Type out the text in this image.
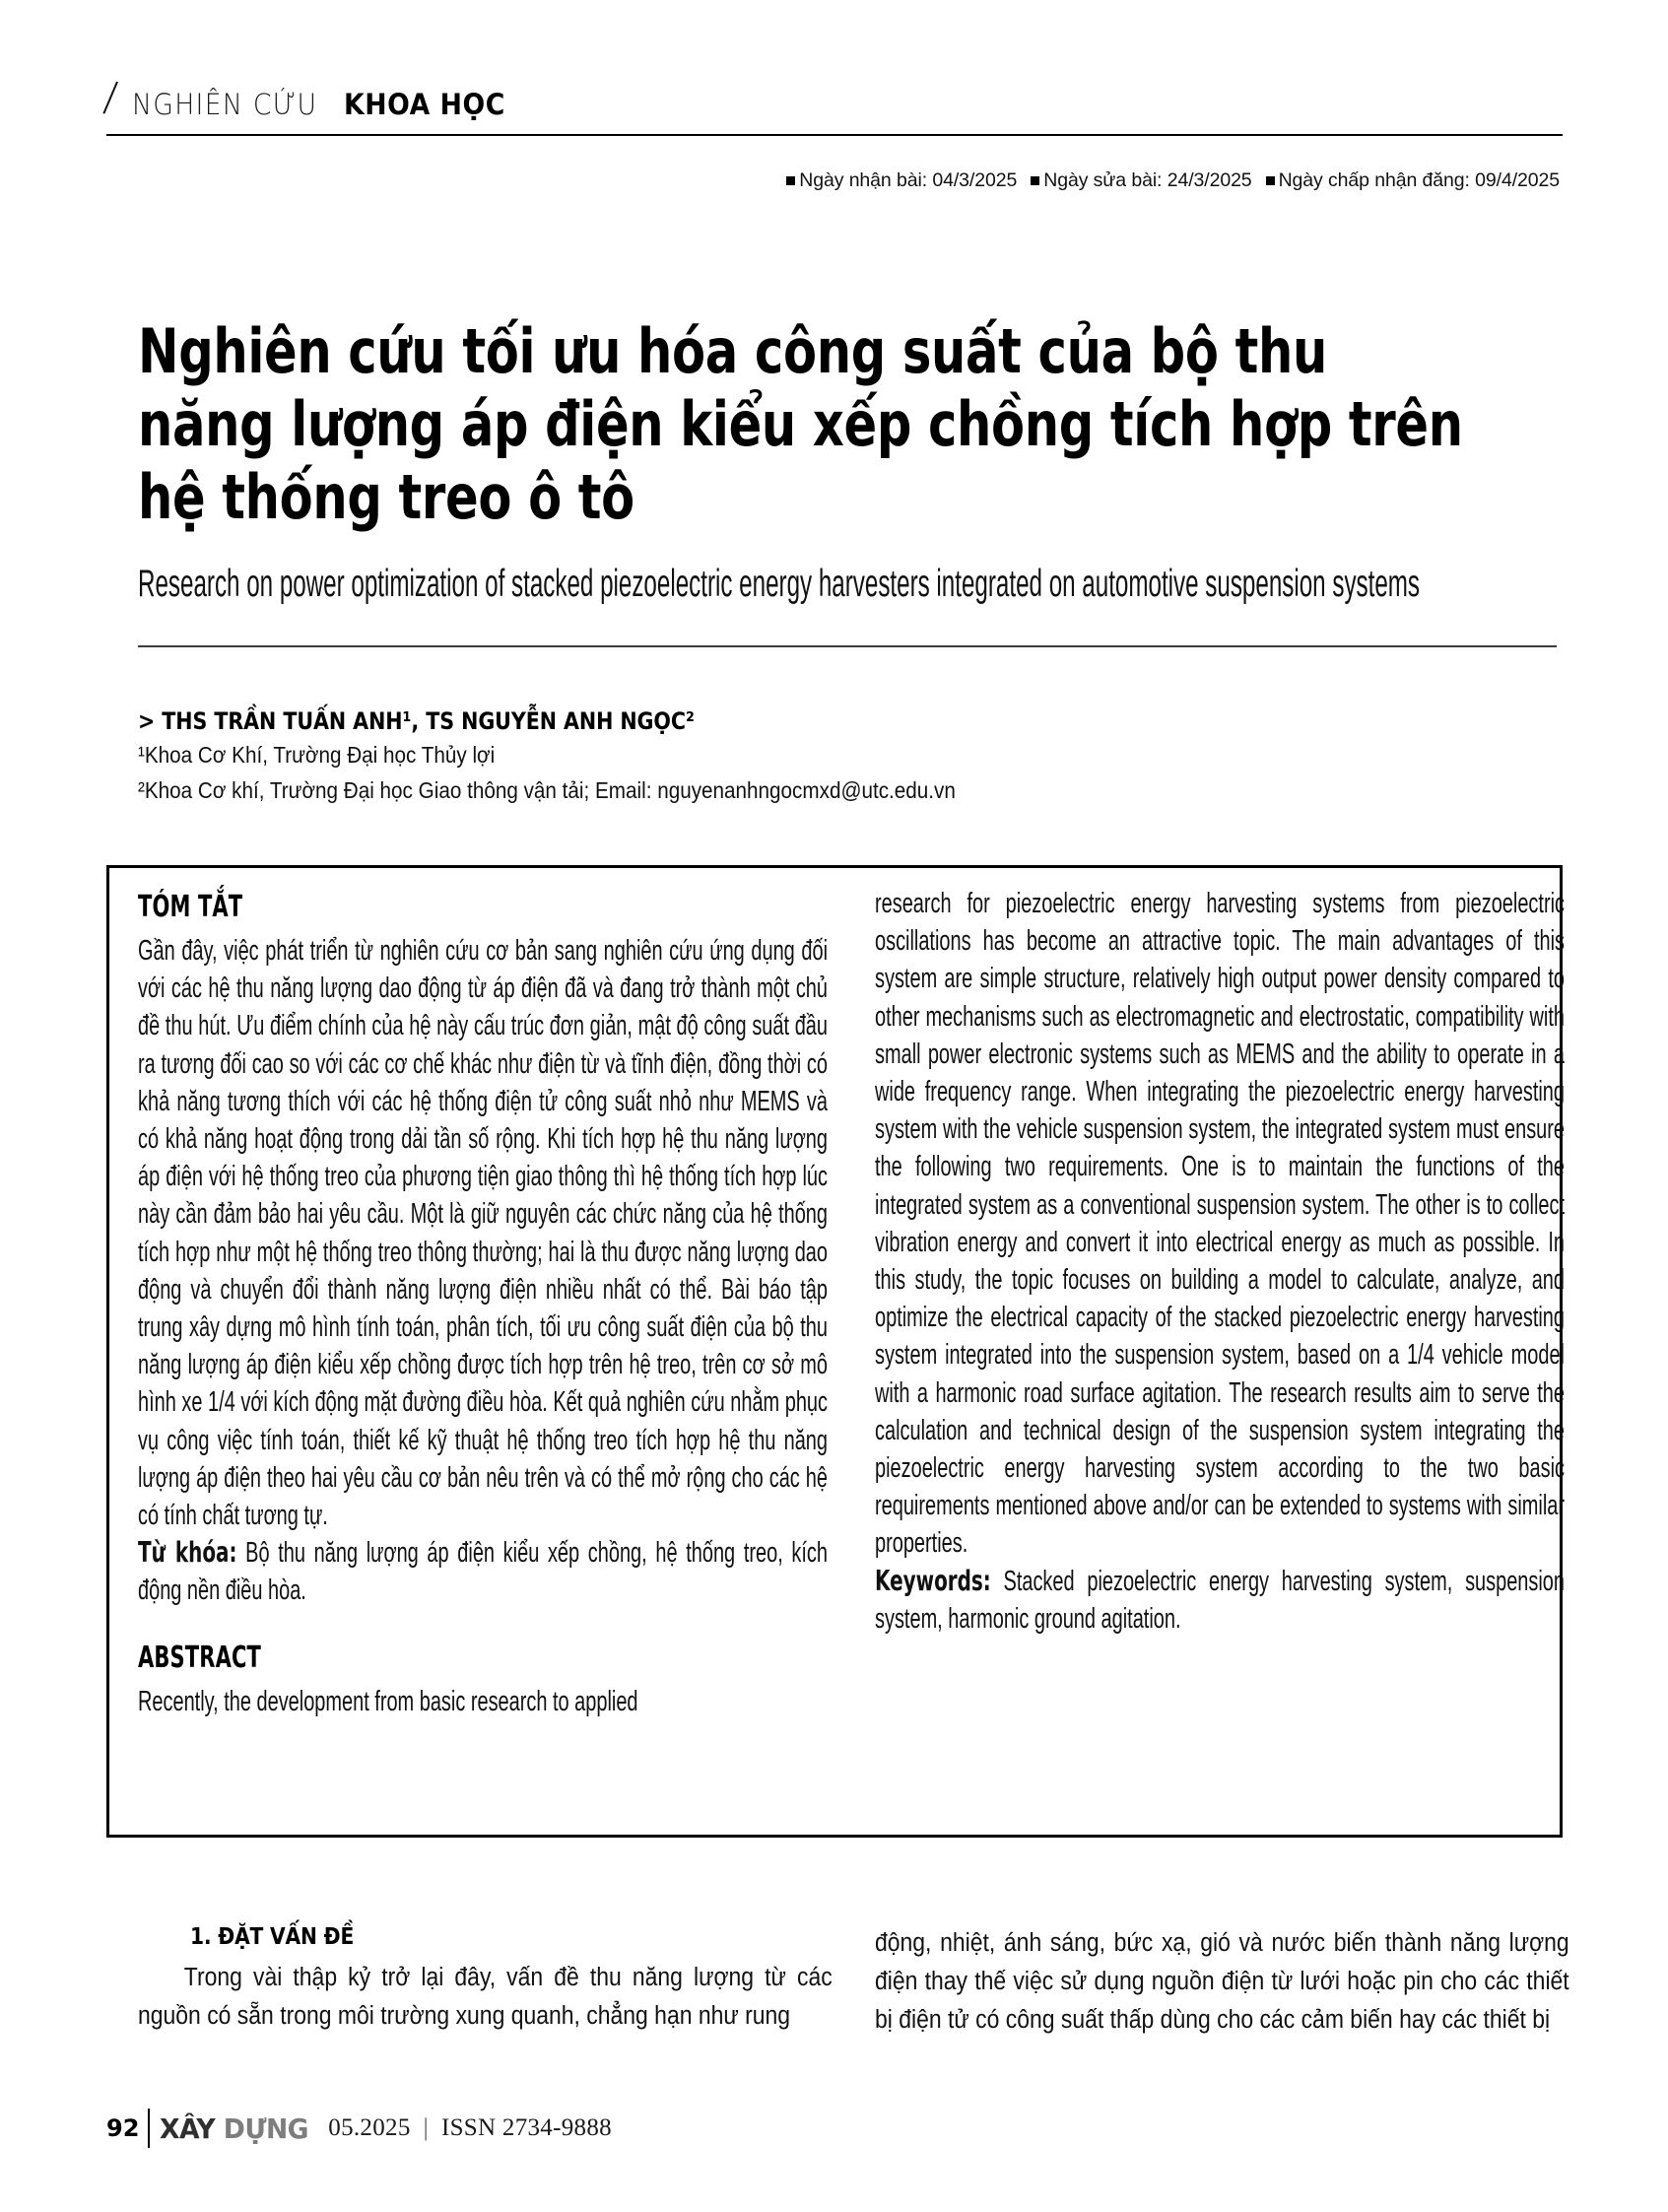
NGHIÊN CỨU KHOA HỌC
Ngày nhận bài: 04/3/2025 Ngày sửa bài: 24/3/2025 Ngày chấp nhận đăng: 09/4/2025
Nghiên cứu tối ưu hóa công suất của bộ thu năng lượng áp điện kiểu xếp chồng tích hợp trên hệ thống treo ô tô
Research on power optimization of stacked piezoelectric energy harvesters integrated on automotive suspension systems
> THS TRẦN TUẤN ANH¹, TS NGUYỄN ANH NGỌC²
¹Khoa Cơ Khí, Trường Đại học Thủy lợi
²Khoa Cơ khí, Trường Đại học Giao thông vận tải; Email: nguyenanhngocmxd@utc.edu.vn
TÓM TẮT

Gần đây, việc phát triển từ nghiên cứu cơ bản sang nghiên cứu ứng dụng đối với các hệ thu năng lượng dao động từ áp điện đã và đang trở thành một chủ đề thu hút. Ưu điểm chính của hệ này cấu trúc đơn giản, mật độ công suất đầu ra tương đối cao so với các cơ chế khác như điện từ và tĩnh điện, đồng thời có khả năng tương thích với các hệ thống điện tử công suất nhỏ như MEMS và có khả năng hoạt động trong dải tần số rộng. Khi tích hợp hệ thu năng lượng áp điện với hệ thống treo của phương tiện giao thông thì hệ thống tích hợp lúc này cần đảm bảo hai yêu cầu. Một là giữ nguyên các chức năng của hệ thống tích hợp như một hệ thống treo thông thường; hai là thu được năng lượng dao động và chuyển đổi thành năng lượng điện nhiều nhất có thể. Bài báo tập trung xây dựng mô hình tính toán, phân tích, tối ưu công suất điện của bộ thu năng lượng áp điện kiểu xếp chồng được tích hợp trên hệ treo, trên cơ sở mô hình xe 1/4 với kích động mặt đường điều hòa. Kết quả nghiên cứu nhằm phục vụ công việc tính toán, thiết kế kỹ thuật hệ thống treo tích hợp hệ thu năng lượng áp điện theo hai yêu cầu cơ bản nêu trên và có thể mở rộng cho các hệ có tính chất tương tự.

Từ khóa: Bộ thu năng lượng áp điện kiểu xếp chồng, hệ thống treo, kích động nền điều hòa.

ABSTRACT

Recently, the development from basic research to applied

research for piezoelectric energy harvesting systems from piezoelectric oscillations has become an attractive topic. The main advantages of this system are simple structure, relatively high output power density compared to other mechanisms such as electromagnetic and electrostatic, compatibility with small power electronic systems such as MEMS and the ability to operate in a wide frequency range. When integrating the piezoelectric energy harvesting system with the vehicle suspension system, the integrated system must ensure the following two requirements. One is to maintain the functions of the integrated system as a conventional suspension system. The other is to collect vibration energy and convert it into electrical energy as much as possible. In this study, the topic focuses on building a model to calculate, analyze, and optimize the electrical capacity of the stacked piezoelectric energy harvesting system integrated into the suspension system, based on a 1/4 vehicle model with a harmonic road surface agitation. The research results aim to serve the calculation and technical design of the suspension system integrating the piezoelectric energy harvesting system according to the two basic requirements mentioned above and/or can be extended to systems with similar properties.

Keywords: Stacked piezoelectric energy harvesting system, suspension system, harmonic ground agitation.

1. ĐẶT VẤN ĐỀ

Trong vài thập kỷ trở lại đây, vấn đề thu năng lượng từ các nguồn có sẵn trong môi trường xung quanh, chẳng hạn như rung

động, nhiệt, ánh sáng, bức xạ, gió và nước biến thành năng lượng điện thay thế việc sử dụng nguồn điện từ lưới hoặc pin cho các thiết bị điện tử có công suất thấp dùng cho các cảm biến hay các thiết bị

92 XÂY DỰNG 05.2025 | ISSN 2734-9888
